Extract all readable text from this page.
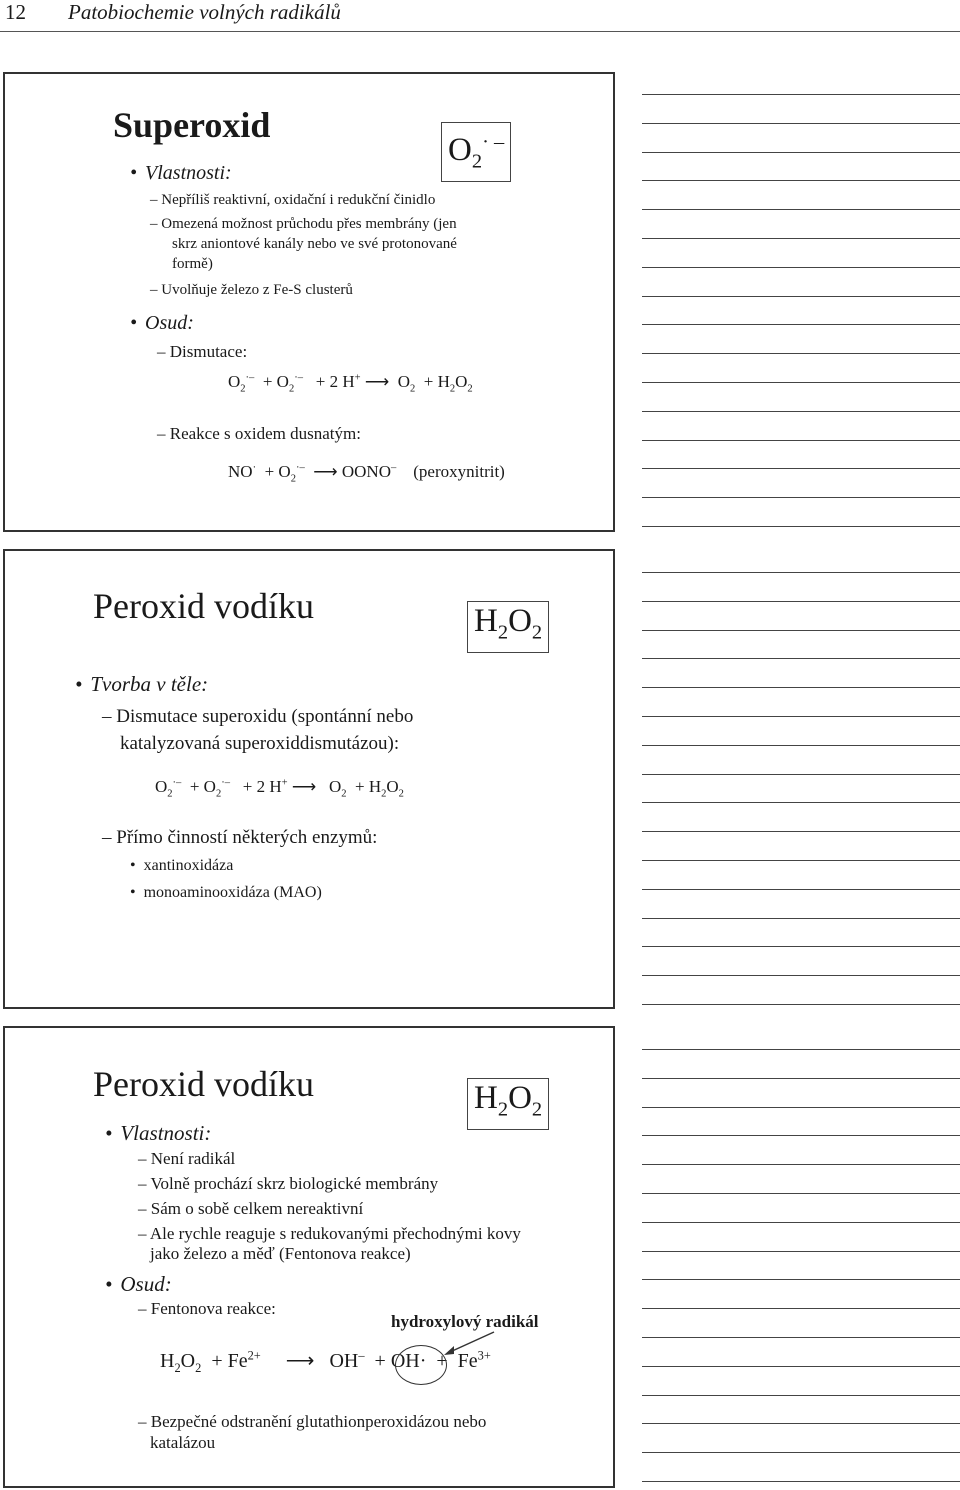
12 Patobiochemie volných radikálů
Superoxid
$O_2^{\cdot -}$
• Vlastnosti:
– Nepříliš reaktivní, oxidační i redukční činidlo
– Omezená možnost průchodu přes membrány (jen
skrz aniontové kanály nebo ve své protonované
formě)
– Uvolňuje železo z Fe-S clusterů
• Osud:
– Dismutace:
$O_2^{\cdot-} + O_2^{\cdot-} + 2$ H+ ⟶  $O_2 + H_2O_2$
– Reakce s oxidem dusnatým:
$NO^\cdot + O_2^{\cdot-}$  ⟶ OONO– (peroxynitrit)
Peroxid vodíku	$H_2O_2$
• Tvorba v těle:
– Dismutace superoxidu (spontánní nebo
katalyzovaná superoxiddismutázou):
$O_2^{\cdot-} + O_2^{\cdot-} + 2$ H+ ⟶   $O_2 + H_2O_2$
– Přímo činností některých enzymů:
• xantinoxidáza
• monoaminooxidáza (MAO)
Peroxid vodíku	$H_2O_2$
• Vlastnosti:
– Není radikál
– Volně prochází skrz biologické membrány
– Sám o sobě celkem nereaktivní
– Ale rychle reaguje s redukovanými přechodnými kovy
jako železo a měď (Fentonova reakce)
• Osud:
– Fentonova reakce:
hydroxylový radikál
$H_2O_2 + Fe^{2+}$     ⟶   $OH^- + OH\cdot + Fe^{3+}$
– Bezpečné odstranění glutathionperoxidázou nebo
katalázou
